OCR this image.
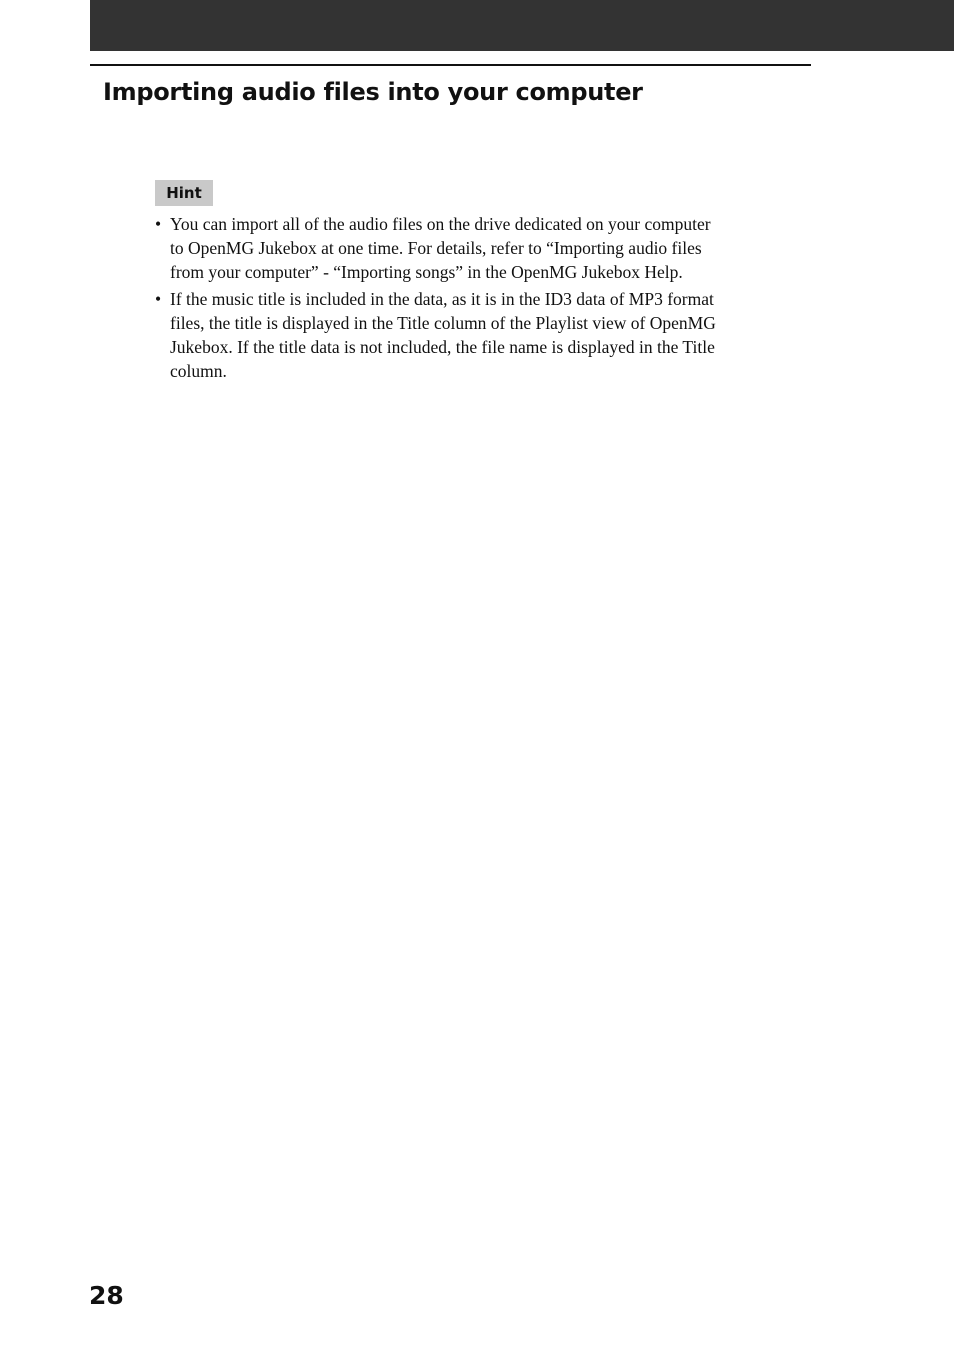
Importing audio files into your computer
Hint
• You can import all of the audio files on the drive dedicated on your computer
to OpenMG Jukebox at one time. For details, refer to “Importing audio files
from your computer” - “Importing songs” in the OpenMG Jukebox Help.
• If the music title is included in the data, as it is in the ID3 data of MP3 format
files, the title is displayed in the Title column of the Playlist view of OpenMG
Jukebox. If the title data is not included, the file name is displayed in the Title
column.
28
